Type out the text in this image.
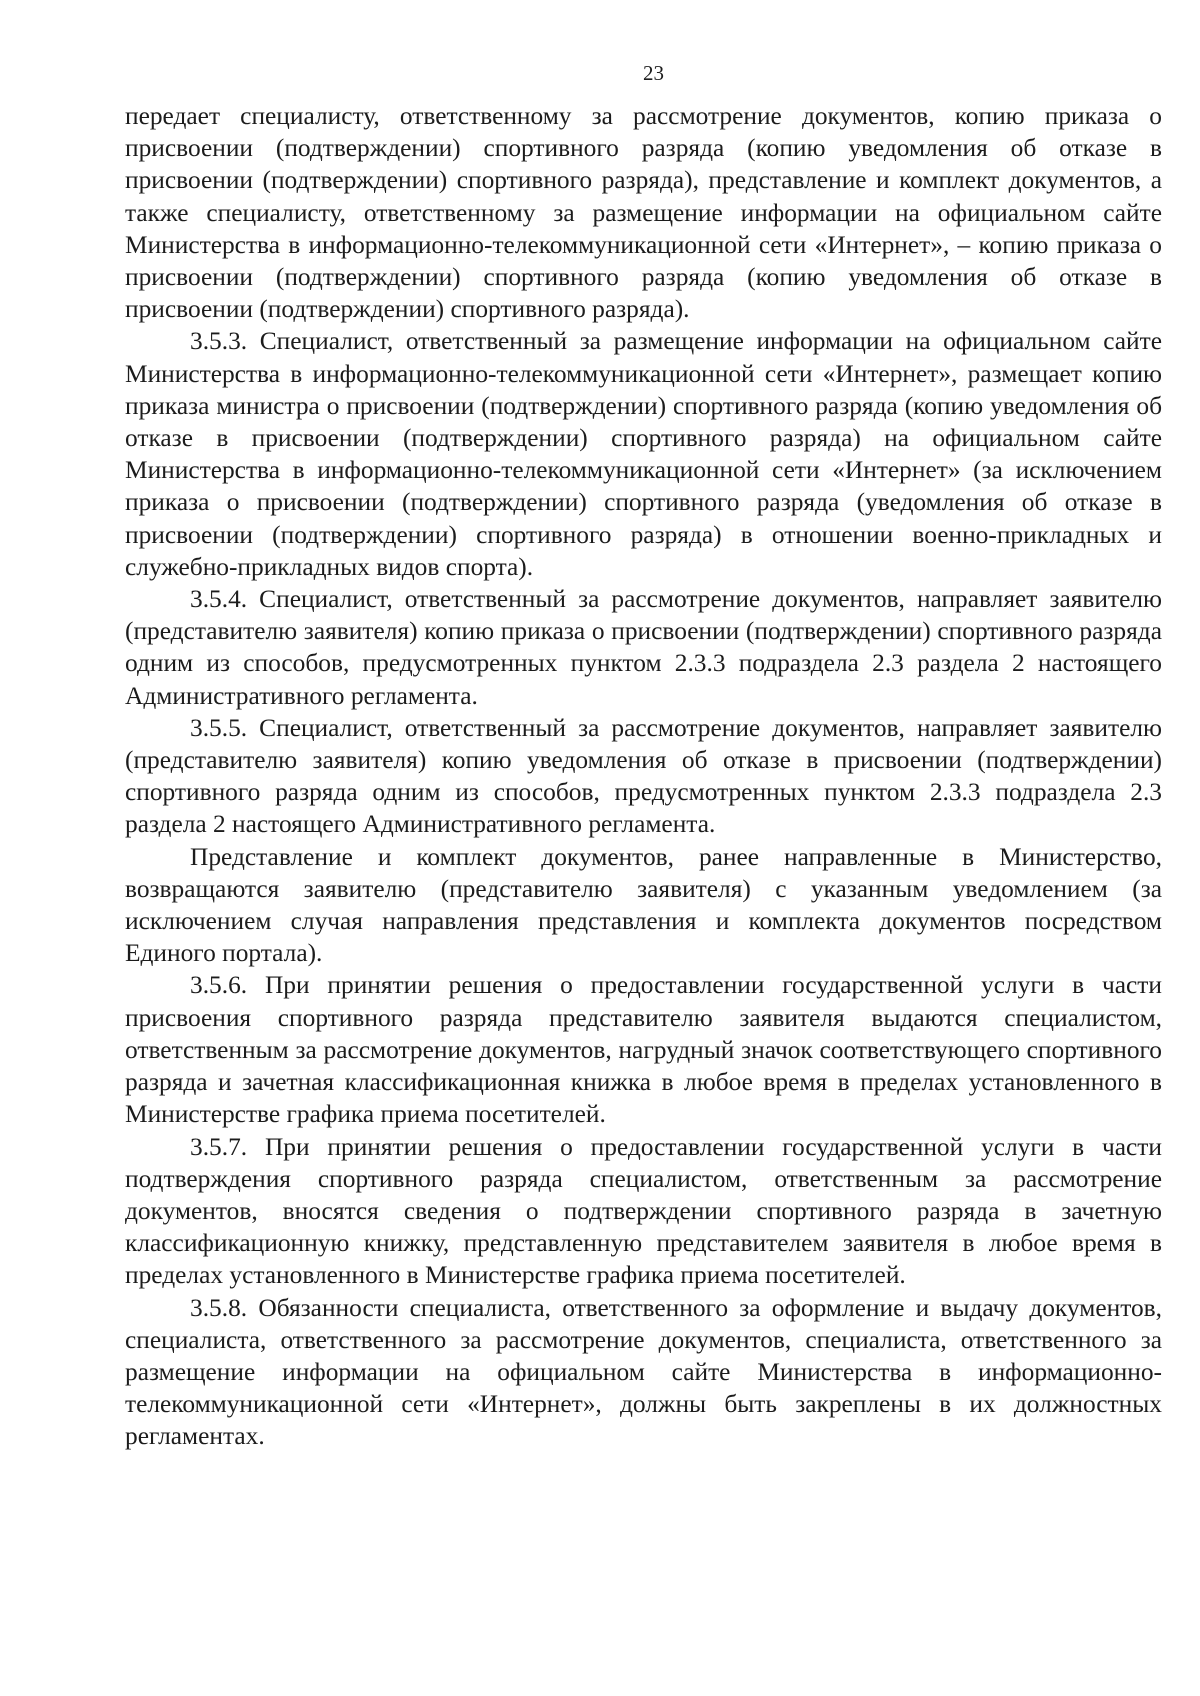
23

передает специалисту, ответственному за рассмотрение документов, копию приказа о присвоении (подтверждении) спортивного разряда (копию уведомления об отказе в присвоении (подтверждении) спортивного разряда), представление и комплект документов, а также специалисту, ответственному за размещение информации на официальном сайте Министерства в информационно-телекоммуникационной сети «Интернет», – копию приказа о присвоении (подтверждении) спортивного разряда (копию уведомления об отказе в присвоении (подтверждении) спортивного разряда).

3.5.3. Специалист, ответственный за размещение информации на официальном сайте Министерства в информационно-телекоммуникационной сети «Интернет», размещает копию приказа министра о присвоении (подтверждении) спортивного разряда (копию уведомления об отказе в присвоении (подтверждении) спортивного разряда) на официальном сайте Министерства в информационно-телекоммуникационной сети «Интернет» (за исключением приказа о присвоении (подтверждении) спортивного разряда (уведомления об отказе в присвоении (подтверждении) спортивного разряда) в отношении военно-прикладных и служебно-прикладных видов спорта).

3.5.4. Специалист, ответственный за рассмотрение документов, направляет заявителю (представителю заявителя) копию приказа о присвоении (подтверждении) спортивного разряда одним из способов, предусмотренных пунктом 2.3.3 подраздела 2.3 раздела 2 настоящего Административного регламента.

3.5.5. Специалист, ответственный за рассмотрение документов, направляет заявителю (представителю заявителя) копию уведомления об отказе в присвоении (подтверждении) спортивного разряда одним из способов, предусмотренных пунктом 2.3.3 подраздела 2.3 раздела 2 настоящего Административного регламента.

Представление и комплект документов, ранее направленные в Министерство, возвращаются заявителю (представителю заявителя) с указанным уведомлением (за исключением случая направления представления и комплекта документов посредством Единого портала).

3.5.6. При принятии решения о предоставлении государственной услуги в части присвоения спортивного разряда представителю заявителя выдаются специалистом, ответственным за рассмотрение документов, нагрудный значок соответствующего спортивного разряда и зачетная классификационная книжка в любое время в пределах установленного в Министерстве графика приема посетителей.

3.5.7. При принятии решения о предоставлении государственной услуги в части подтверждения спортивного разряда специалистом, ответственным за рассмотрение документов, вносятся сведения о подтверждении спортивного разряда в зачетную классификационную книжку, представленную представителем заявителя в любое время в пределах установленного в Министерстве графика приема посетителей.

3.5.8. Обязанности специалиста, ответственного за оформление и выдачу документов, специалиста, ответственного за рассмотрение документов, специалиста, ответственного за размещение информации на официальном сайте Министерства в информационно-телекоммуникационной сети «Интернет», должны быть закреплены в их должностных регламентах.
